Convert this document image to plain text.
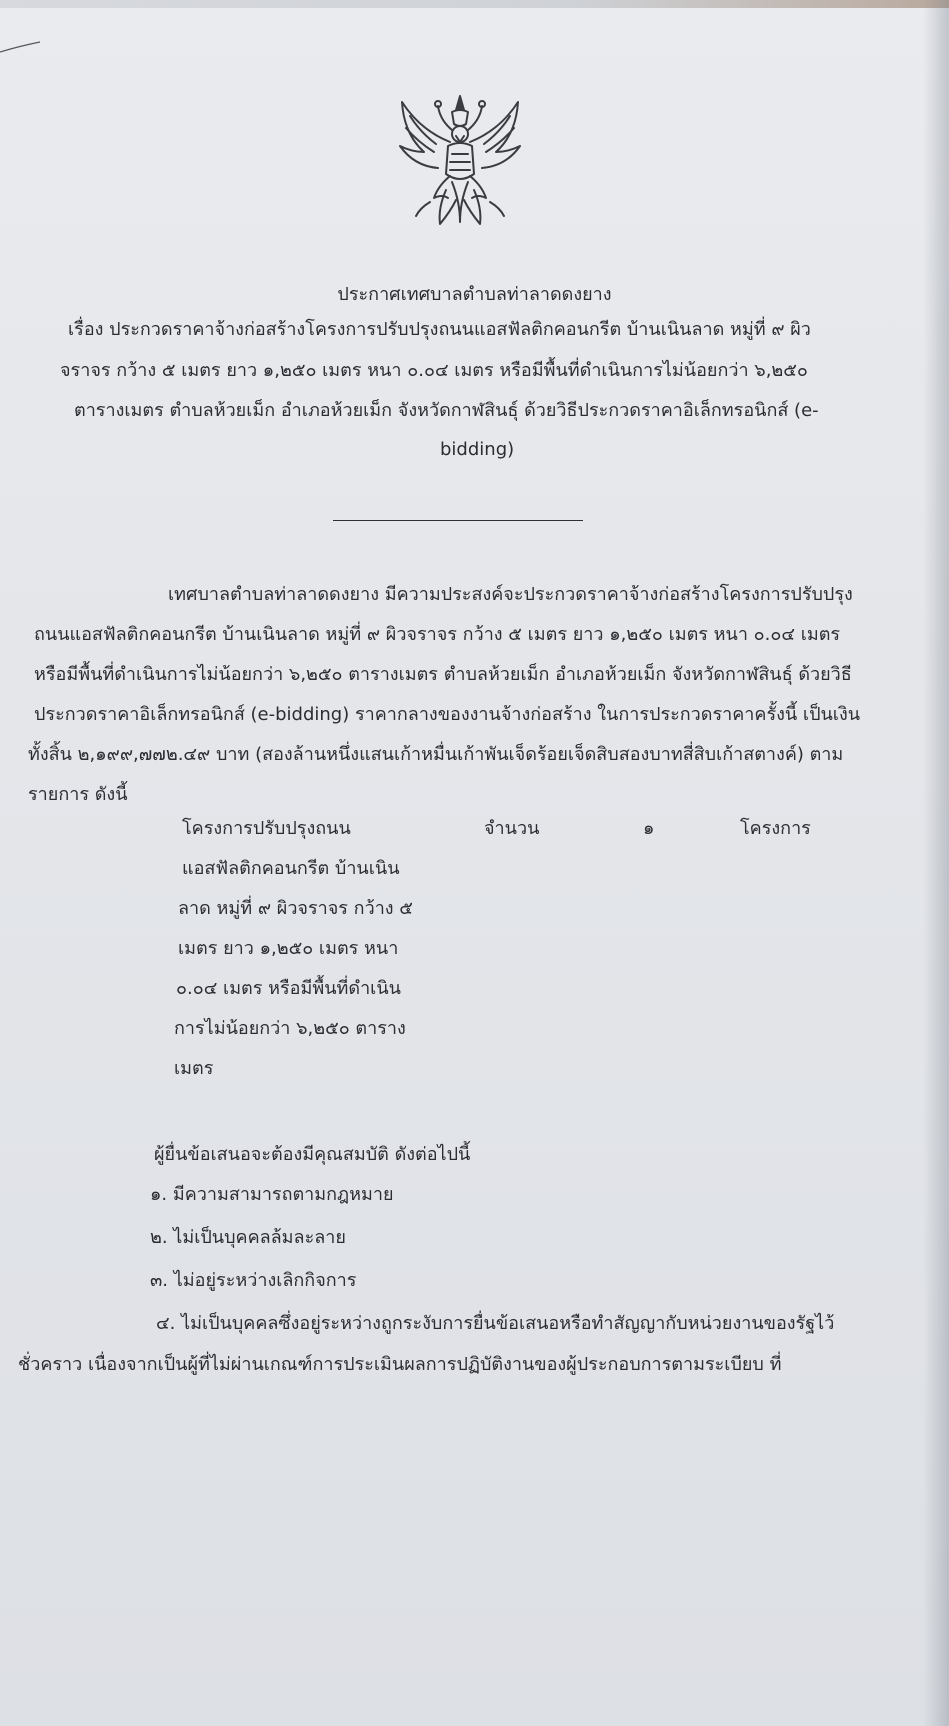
ประกาศเทศบาลตำบลท่าลาดดงยาง
เรื่อง ประกวดราคาจ้างก่อสร้างโครงการปรับปรุงถนนแอสฟัลติกคอนกรีต บ้านเนินลาด หมู่ที่ ๙ ผิว
จราจร กว้าง ๕ เมตร ยาว ๑,๒๕๐ เมตร หนา ๐.๐๔ เมตร หรือมีพื้นที่ดำเนินการไม่น้อยกว่า ๖,๒๕๐
ตารางเมตร ตำบลห้วยเม็ก อำเภอห้วยเม็ก จังหวัดกาฬสินธุ์ ด้วยวิธีประกวดราคาอิเล็กทรอนิกส์ (e-
bidding)
เทศบาลตำบลท่าลาดดงยาง มีความประสงค์จะประกวดราคาจ้างก่อสร้างโครงการปรับปรุง
ถนนแอสฟัลติกคอนกรีต บ้านเนินลาด หมู่ที่ ๙ ผิวจราจร กว้าง ๕ เมตร ยาว ๑,๒๕๐ เมตร หนา ๐.๐๔ เมตร
หรือมีพื้นที่ดำเนินการไม่น้อยกว่า ๖,๒๕๐ ตารางเมตร ตำบลห้วยเม็ก อำเภอห้วยเม็ก จังหวัดกาฬสินธุ์ ด้วยวิธี
ประกวดราคาอิเล็กทรอนิกส์ (e-bidding) ราคากลางของงานจ้างก่อสร้าง ในการประกวดราคาครั้งนี้ เป็นเงิน
ทั้งสิ้น ๒,๑๙๙,๗๗๒.๔๙ บาท (สองล้านหนึ่งแสนเก้าหมื่นเก้าพันเจ็ดร้อยเจ็ดสิบสองบาทสี่สิบเก้าสตางค์) ตาม
รายการ ดังนี้
โครงการปรับปรุงถนน	จำนวน	๑	โครงการ
แอสฟัลติกคอนกรีต บ้านเนิน
ลาด หมู่ที่ ๙ ผิวจราจร กว้าง ๕
เมตร ยาว ๑,๒๕๐ เมตร หนา
๐.๐๔ เมตร หรือมีพื้นที่ดำเนิน
การไม่น้อยกว่า ๖,๒๕๐ ตาราง
เมตร
ผู้ยื่นข้อเสนอจะต้องมีคุณสมบัติ ดังต่อไปนี้
๑. มีความสามารถตามกฎหมาย
๒. ไม่เป็นบุคคลล้มละลาย
๓. ไม่อยู่ระหว่างเลิกกิจการ
๔. ไม่เป็นบุคคลซึ่งอยู่ระหว่างถูกระงับการยื่นข้อเสนอหรือทำสัญญากับหน่วยงานของรัฐไว้
ชั่วคราว เนื่องจากเป็นผู้ที่ไม่ผ่านเกณฑ์การประเมินผลการปฏิบัติงานของผู้ประกอบการตามระเบียบ ที่
